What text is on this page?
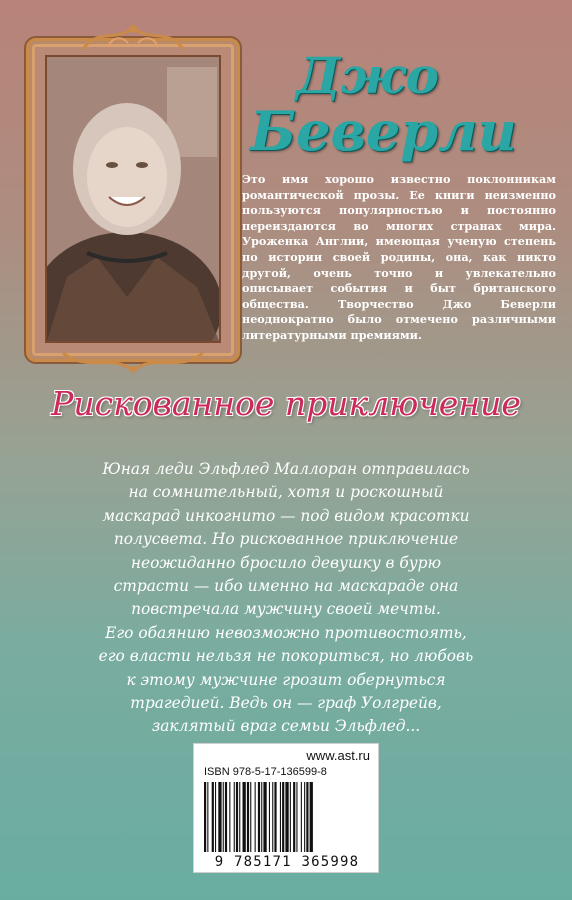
Джо
Беверли
Это имя хорошо известно поклонникам романтической прозы. Ее книги неизменно пользуются популярностью и постоянно переиздаются во многих странах мира. Уроженка Англии, имеющая ученую степень по истории своей родины, она, как никто другой, очень точно и увлекательно описывает события и быт британского общества. Творчество Джо Беверли неоднократно было отмечено различными литературными премиями.
Рискованное приключение
Юная леди Эльфлед Маллоран отправилась
на сомнительный, хотя и роскошный
маскарад инкогнито — под видом красотки
полусвета. Но рискованное приключение
неожиданно бросило девушку в бурю
страсти — ибо именно на маскараде она
повстречала мужчину своей мечты.
Его обаянию невозможно противостоять,
его власти нельзя не покориться, но любовь
к этому мужчине грозит обернуться
трагедией. Ведь он — граф Уолгрейв,
заклятый враг семьи Эльфлед...
www.ast.ru
ISBN 978-5-17-136599-8
9 785171 365998
